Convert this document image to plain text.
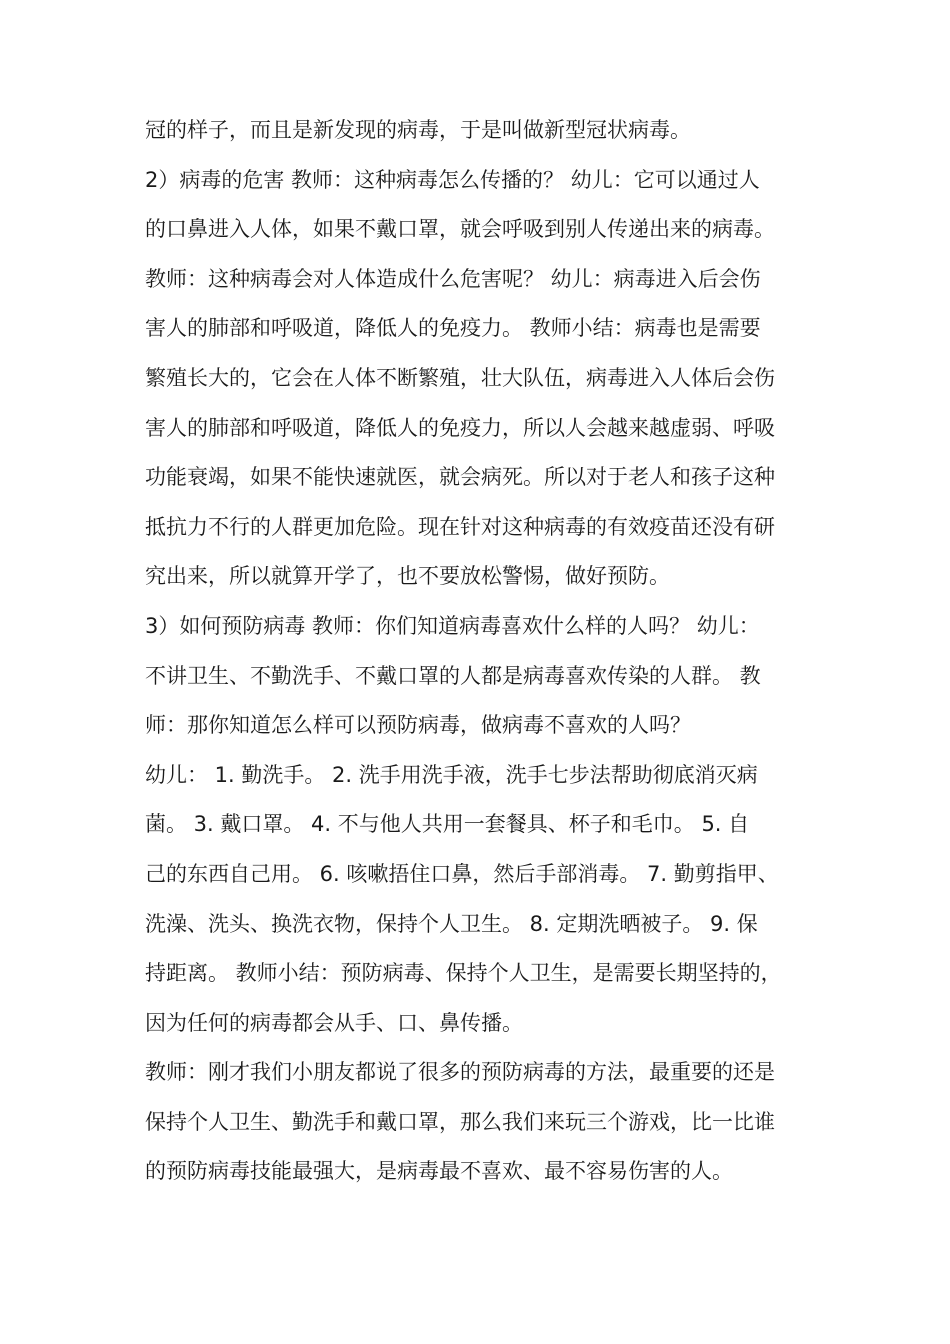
冠的样子，而且是新发现的病毒，于是叫做新型冠状病毒。
2）病毒的危害 教师：这种病毒怎么传播的？ 幼儿：它可以通过人
的口鼻进入人体，如果不戴口罩，就会呼吸到别人传递出来的病毒。
教师：这种病毒会对人体造成什么危害呢？ 幼儿：病毒进入后会伤
害人的肺部和呼吸道，降低人的免疫力。 教师小结：病毒也是需要
繁殖长大的，它会在人体不断繁殖，壮大队伍，病毒进入人体后会伤
害人的肺部和呼吸道，降低人的免疫力，所以人会越来越虚弱、呼吸
功能衰竭，如果不能快速就医，就会病死。所以对于老人和孩子这种
抵抗力不行的人群更加危险。现在针对这种病毒的有效疫苗还没有研
究出来，所以就算开学了，也不要放松警惕，做好预防。
3）如何预防病毒 教师：你们知道病毒喜欢什么样的人吗？ 幼儿：
不讲卫生、不勤洗手、不戴口罩的人都是病毒喜欢传染的人群。 教
师：那你知道怎么样可以预防病毒，做病毒不喜欢的人吗？
幼儿： 1. 勤洗手。 2. 洗手用洗手液，洗手七步法帮助彻底消灭病
菌。 3. 戴口罩。 4. 不与他人共用一套餐具、杯子和毛巾。 5. 自
己的东西自己用。 6. 咳嗽捂住口鼻，然后手部消毒。 7. 勤剪指甲、
洗澡、洗头、换洗衣物，保持个人卫生。 8. 定期洗晒被子。 9. 保
持距离。 教师小结：预防病毒、保持个人卫生，是需要长期坚持的，
因为任何的病毒都会从手、口、鼻传播。
教师：刚才我们小朋友都说了很多的预防病毒的方法，最重要的还是
保持个人卫生、勤洗手和戴口罩，那么我们来玩三个游戏，比一比谁
的预防病毒技能最强大，是病毒最不喜欢、最不容易伤害的人。
